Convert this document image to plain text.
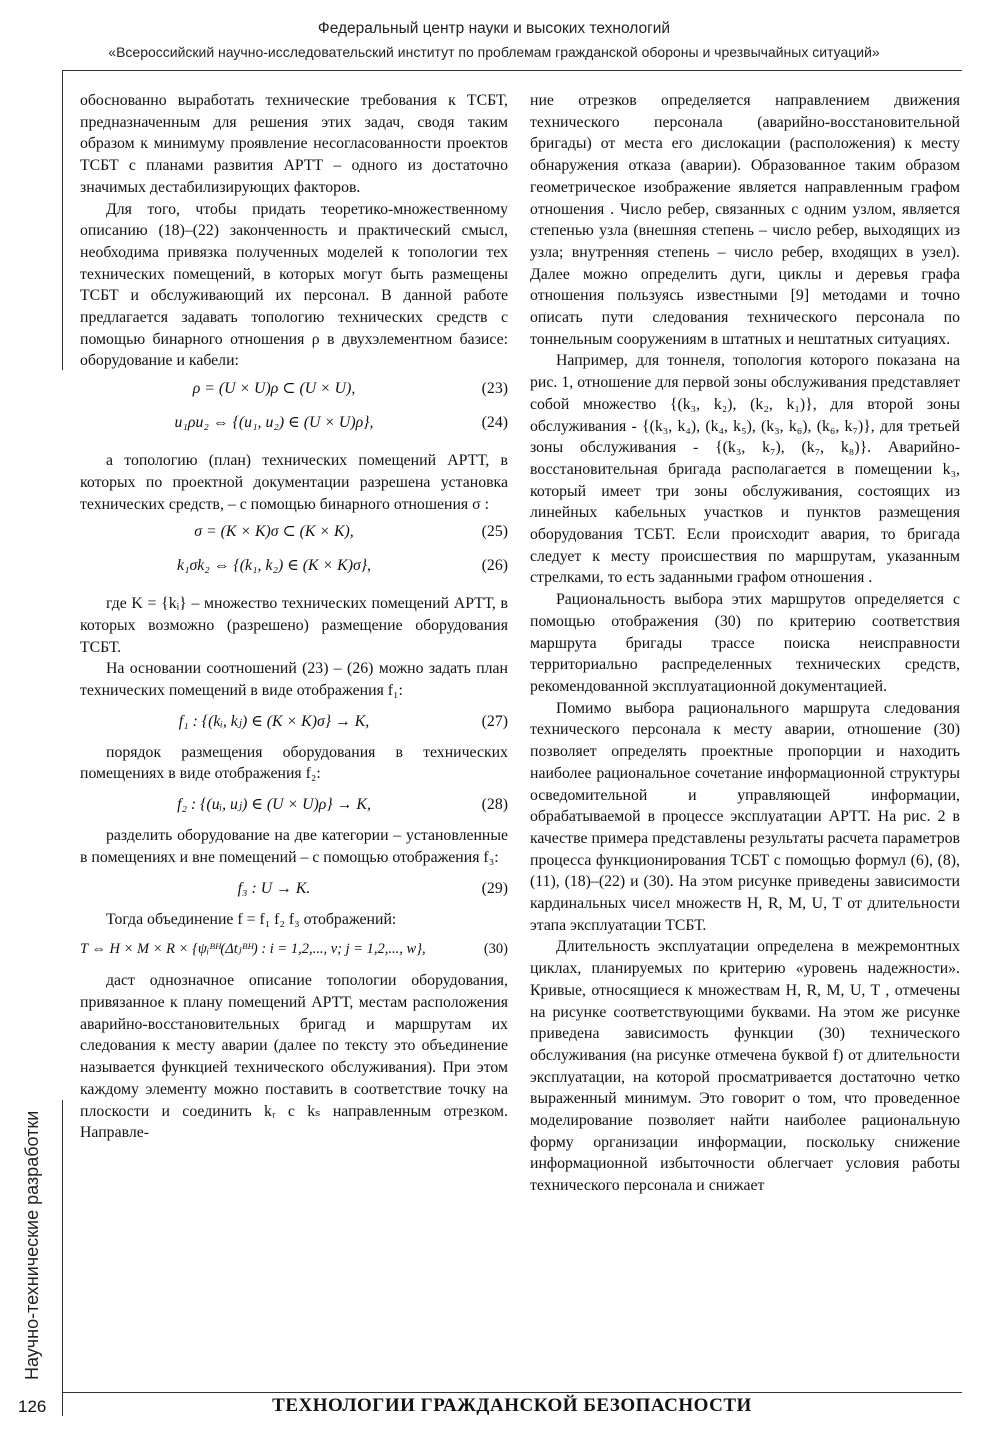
Федеральный центр науки и высоких технологий
«Всероссийский научно-исследовательский институт по проблемам гражданской обороны и чрезвычайных ситуаций»
Научно-технические разработки

обоснованно выработать технические требования к ТСБТ, предназначенным для решения этих задач, сводя таким образом к минимуму проявление несогласованности проектов ТСБТ с планами развития АРТТ – одного из достаточно значимых дестабилизирующих факторов.

Для того, чтобы придать теоретико-множественному описанию (18)–(22) законченность и практический смысл, необходима привязка полученных моделей к топологии тех технических помещений, в которых могут быть размещены ТСБТ и обслуживающий их персонал. В данной работе предлагается задавать топологию технических средств с помощью бинарного отношения ρ в двухэлементном базисе: оборудование и кабели:

ρ = (U × U)ρ ⊂ (U × U),	(23)
u₁ρu₂ ⇔ {(u₁, u₂) ∈ (U × U)ρ},	(24)

а топологию (план) технических помещений АРТТ, в которых по проектной документации разрешена установка технических средств, – с помощью бинарного отношения σ :

σ = (K × K)σ ⊂ (K × K),	(25)
k₁σk₂ ⇔ {(k₁, k₂) ∈ (K × K)σ},	(26)

где K = {kᵢ} – множество технических помещений АРТТ, в которых возможно (разрешено) размещение оборудования ТСБТ.

На основании соотношений (23) – (26) можно задать план технических помещений в виде отображения f₁:

f₁ : {(kᵢ, kⱼ) ∈ (K × K)σ} → K,	(27)

порядок размещения оборудования в технических помещениях в виде отображения f₂:

f₂ : {(uᵢ, uⱼ) ∈ (U × U)ρ} → K,	(28)

разделить оборудование на две категории – установленные в помещениях и вне помещений – с помощью отображения f₃:

f₃ : U → K.	(29)

Тогда объединение f = f₁ f₂ f₃ отображений:

T ⇔ H × M × R × {ψᵢᴮᴴ(Δtⱼᴮᴴ) : i = 1,2,..., v; j = 1,2,..., w},	(30)

даст однозначное описание топологии оборудования, привязанное к плану помещений АРТТ, местам расположения аварийно-восстановительных бригад и маршрутам их следования к месту аварии (далее по тексту это объединение называется функцией технического обслуживания). При этом каждому элементу можно поставить в соответствие точку на плоскости и соединить kᵣ с kₛ направленным отрезком. Направле-

ние отрезков определяется направлением движения технического персонала (аварийно-восстановительной бригады) от места его дислокации (расположения) к месту обнаружения отказа (аварии). Образованное таким образом геометрическое изображение является направленным графом отношения . Число ребер, связанных с одним узлом, является степенью узла (внешняя степень – число ребер, выходящих из узла; внутренняя степень – число ребер, входящих в узел). Далее можно определить дуги, циклы и деревья графа отношения пользуясь известными [9] методами и точно описать пути следования технического персонала по тоннельным сооружениям в штатных и нештатных ситуациях.

Например, для тоннеля, топология которого показана на рис. 1, отношение для первой зоны обслуживания представляет собой множество {(k₃, k₂), (k₂, k₁)}, для второй зоны обслуживания - {(k₃, k₄), (k₄, k₅), (k₃, k₆), (k₆, k₇)}, для третьей зоны обслуживания - {(k₃, k₇), (k₇, k₈)}. Аварийно-восстановительная бригада располагается в помещении k₃, который имеет три зоны обслуживания, состоящих из линейных кабельных участков и пунктов размещения оборудования ТСБТ. Если происходит авария, то бригада следует к месту происшествия по маршрутам, указанным стрелками, то есть заданными графом отношения .

Рациональность выбора этих маршрутов определяется с помощью отображения (30) по критерию соответствия маршрута бригады трассе поиска неисправности территориально распределенных технических средств, рекомендованной эксплуатационной документацией.

Помимо выбора рационального маршрута следования технического персонала к месту аварии, отношение (30) позволяет определять проектные пропорции и находить наиболее рациональное сочетание информационной структуры осведомительной и управляющей информации, обрабатываемой в процессе эксплуатации АРТТ. На рис. 2 в качестве примера представлены результаты расчета параметров процесса функционирования ТСБТ с помощью формул (6), (8), (11), (18)–(22) и (30). На этом рисунке приведены зависимости кардинальных чисел множеств H, R, M, U, T от длительности этапа эксплуатации ТСБТ.

Длительность эксплуатации определена в межремонтных циклах, планируемых по критерию «уровень надежности». Кривые, относящиеся к множествам H, R, M, U, T , отмечены на рисунке соответствующими буквами. На этом же рисунке приведена зависимость функции (30) технического обслуживания (на рисунке отмечена буквой f) от длительности эксплуатации, на которой просматривается достаточно четко выраженный минимум. Это говорит о том, что проведенное моделирование позволяет найти наиболее рациональную форму организации информации, поскольку снижение информационной избыточности облегчает условия работы технического персонала и снижает

126	ТЕХНОЛОГИИ ГРАЖДАНСКОЙ БЕЗОПАСНОСТИ
